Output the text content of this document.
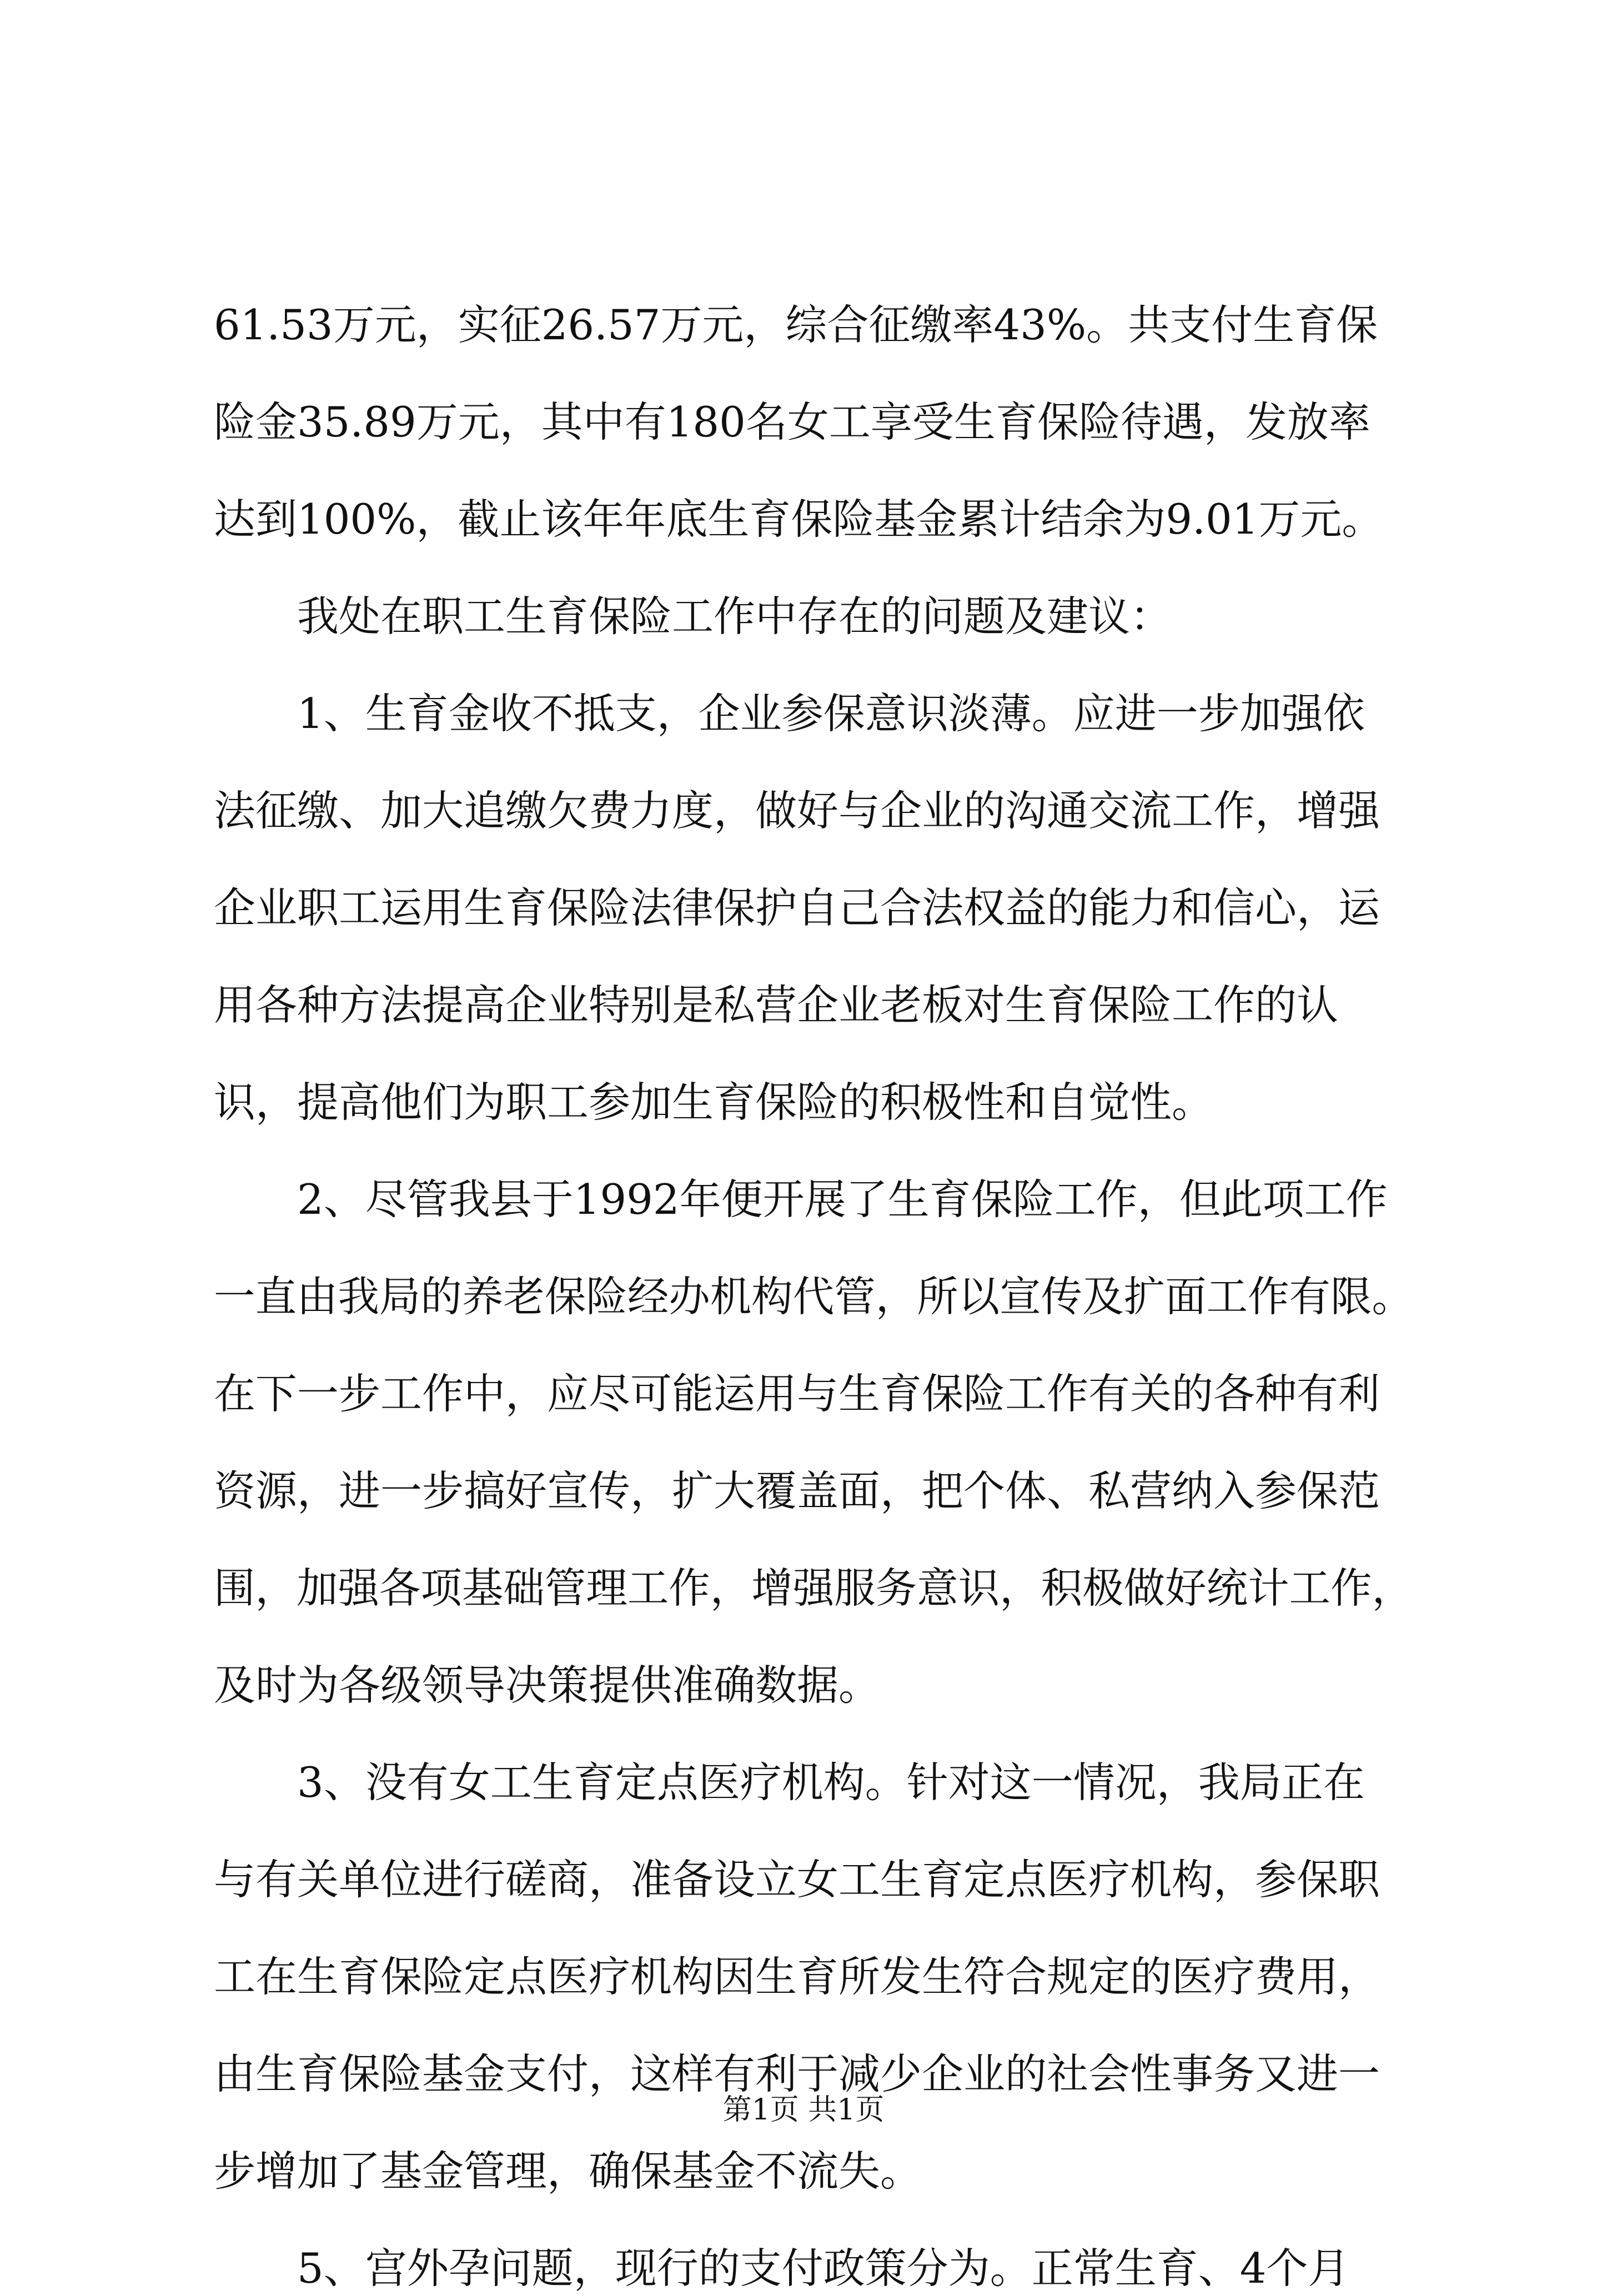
61.53万元，实征26.57万元，综合征缴率43%。共支付生育保
险金35.89万元，其中有180名女工享受生育保险待遇，发放率
达到100%，截止该年年底生育保险基金累计结余为9.01万元。
我处在职工生育保险工作中存在的问题及建议：
1、生育金收不抵支，企业参保意识淡薄。应进一步加强依
法征缴、加大追缴欠费力度，做好与企业的沟通交流工作，增强
企业职工运用生育保险法律保护自己合法权益的能力和信心，运
用各种方法提高企业特别是私营企业老板对生育保险工作的认
识，提高他们为职工参加生育保险的积极性和自觉性。
2、尽管我县于1992年便开展了生育保险工作，但此项工作
一直由我局的养老保险经办机构代管，所以宣传及扩面工作有限。
在下一步工作中，应尽可能运用与生育保险工作有关的各种有利
资源，进一步搞好宣传，扩大覆盖面，把个体、私营纳入参保范
围，加强各项基础管理工作，增强服务意识，积极做好统计工作，
及时为各级领导决策提供准确数据。
3、没有女工生育定点医疗机构。针对这一情况，我局正在
与有关单位进行磋商，准备设立女工生育定点医疗机构，参保职
工在生育保险定点医疗机构因生育所发生符合规定的医疗费用，
由生育保险基金支付，这样有利于减少企业的社会性事务又进一
步增加了基金管理，确保基金不流失。
5、宫外孕问题，现行的支付政策分为。正常生育、4个月
第1页 共1页
